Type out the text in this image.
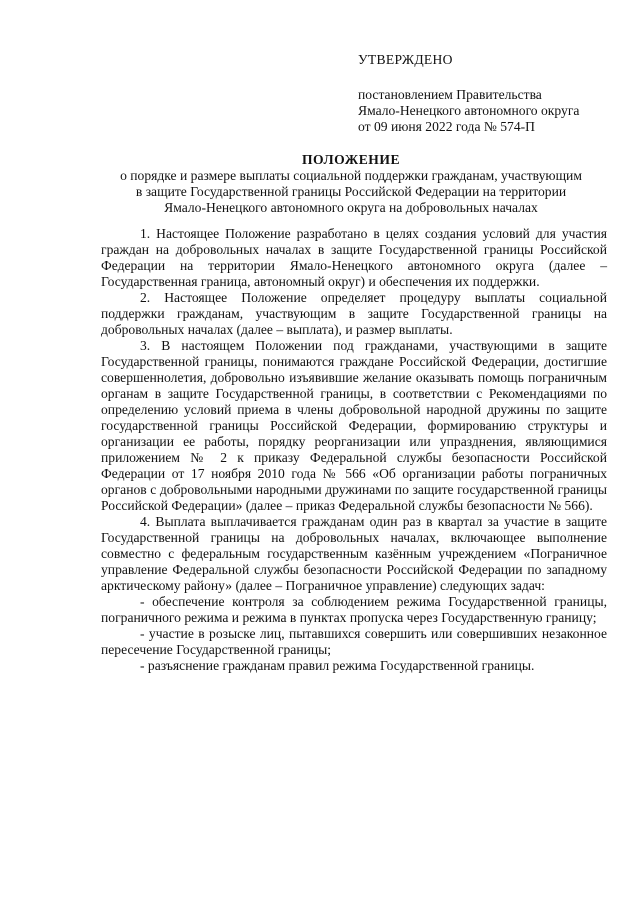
УТВЕРЖДЕНО
постановлением Правительства
Ямало-Ненецкого автономного округа
от 09 июня 2022 года № 574-П
ПОЛОЖЕНИЕ
о порядке и размере выплаты социальной поддержки гражданам, участвующим
в защите Государственной границы Российской Федерации на территории
Ямало-Ненецкого автономного округа на добровольных началах

1. Настоящее Положение разработано в целях создания условий для участия граждан на добровольных началах в защите Государственной границы Российской Федерации на территории Ямало-Ненецкого автономного округа (далее – Государственная граница, автономный округ) и обеспечения их поддержки.

2. Настоящее Положение определяет процедуру выплаты социальной поддержки гражданам, участвующим в защите Государственной границы на добровольных началах (далее – выплата), и размер выплаты.

3. В настоящем Положении под гражданами, участвующими в защите Государственной границы, понимаются граждане Российской Федерации, достигшие совершеннолетия, добровольно изъявившие желание оказывать помощь пограничным органам в защите Государственной границы, в соответствии с Рекомендациями по определению условий приема в члены добровольной народной дружины по защите государственной границы Российской Федерации, формированию структуры и организации ее работы, порядку реорганизации или упразднения, являющимися приложением № 2 к приказу Федеральной службы безопасности Российской Федерации от 17 ноября 2010 года № 566 «Об организации работы пограничных органов с добровольными народными дружинами по защите государственной границы Российской Федерации» (далее – приказ Федеральной службы безопасности № 566).

4. Выплата выплачивается гражданам один раз в квартал за участие в защите Государственной границы на добровольных началах, включающее выполнение совместно с федеральным государственным казённым учреждением «Пограничное управление Федеральной службы безопасности Российской Федерации по западному арктическому району» (далее – Пограничное управление) следующих задач:

- обеспечение контроля за соблюдением режима Государственной границы, пограничного режима и режима в пунктах пропуска через Государственную границу;

- участие в розыске лиц, пытавшихся совершить или совершивших незаконное пересечение Государственной границы;

- разъяснение гражданам правил режима Государственной границы.
